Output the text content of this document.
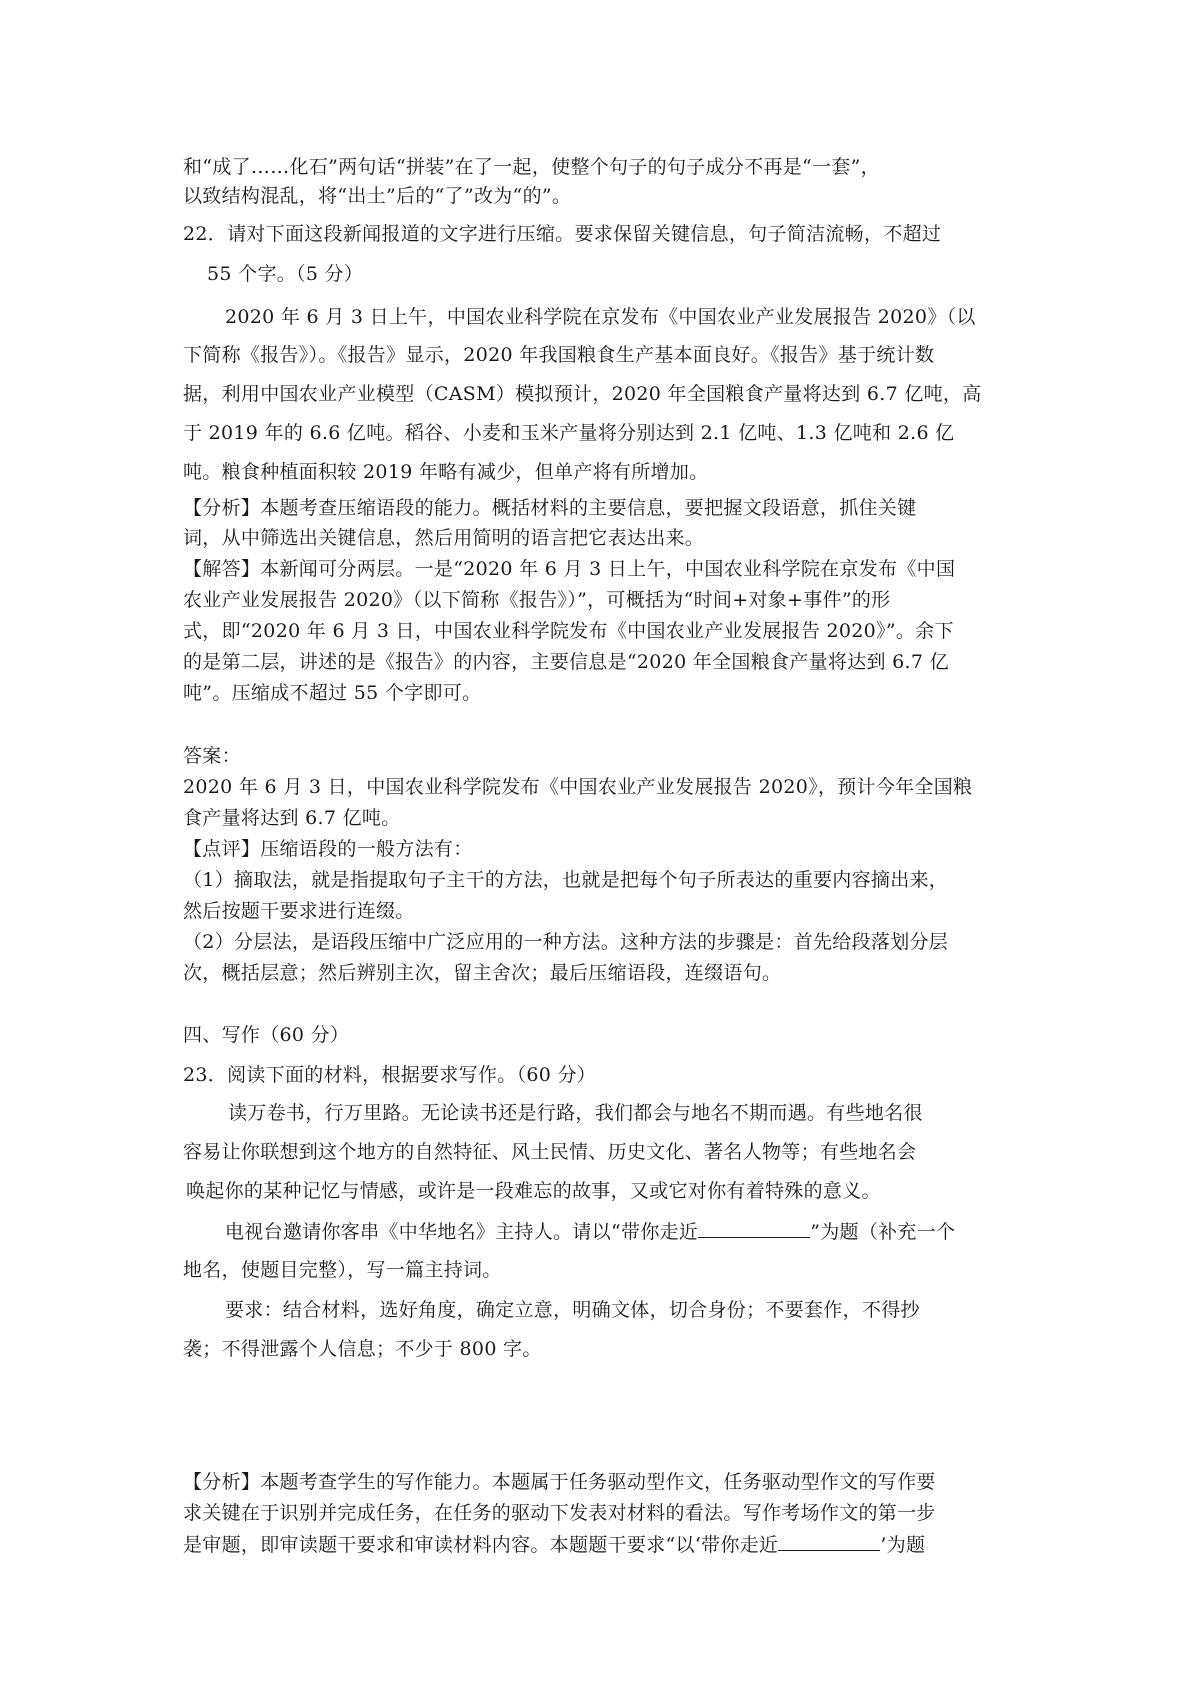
和“成了……化石”两句话“拼装”在了一起，使整个句子的句子成分不再是“一套”，
以致结构混乱，将“出土”后的“了”改为“的”。
22．请对下面这段新闻报道的文字进行压缩。要求保留关键信息，句子简洁流畅，不超过
55 个字。（5 分）
2020 年 6 月 3 日上午，中国农业科学院在京发布《中国农业产业发展报告 2020》（以
下简称《报告》）。《报告》显示，2020 年我国粮食生产基本面良好。《报告》基于统计数
据，利用中国农业产业模型（CASM）模拟预计，2020 年全国粮食产量将达到 6.7 亿吨，高
于 2019 年的 6.6 亿吨。稻谷、小麦和玉米产量将分别达到 2.1 亿吨、1.3 亿吨和 2.6 亿
吨。粮食种植面积较 2019 年略有减少，但单产将有所增加。
【分析】本题考查压缩语段的能力。概括材料的主要信息，要把握文段语意，抓住关键
词，从中筛选出关键信息，然后用简明的语言把它表达出来。
【解答】本新闻可分两层。一是“2020 年 6 月 3 日上午，中国农业科学院在京发布《中国
农业产业发展报告 2020》（以下简称《报告》）”，可概括为“时间+对象+事件”的形
式，即“2020 年 6 月 3 日，中国农业科学院发布《中国农业产业发展报告 2020》”。余下
的是第二层，讲述的是《报告》的内容，主要信息是“2020 年全国粮食产量将达到 6.7 亿
吨”。压缩成不超过 55 个字即可。
答案：
2020 年 6 月 3 日，中国农业科学院发布《中国农业产业发展报告 2020》，预计今年全国粮
食产量将达到 6.7 亿吨。
【点评】压缩语段的一般方法有：
（1）摘取法，就是指提取句子主干的方法，也就是把每个句子所表达的重要内容摘出来，
然后按题干要求进行连缀。
（2）分层法，是语段压缩中广泛应用的一种方法。这种方法的步骤是：首先给段落划分层
次，概括层意；然后辨别主次，留主舍次；最后压缩语段，连缀语句。
四、写作（60 分）
23．阅读下面的材料，根据要求写作。（60 分）
读万卷书，行万里路。无论读书还是行路，我们都会与地名不期而遇。有些地名很
容易让你联想到这个地方的自然特征、风土民情、历史文化、著名人物等；有些地名会
唤起你的某种记忆与情感，或许是一段难忘的故事，又或它对你有着特殊的意义。
电视台邀请你客串《中华地名》主持人。请以“带你走近	”为题（补充一个
地名，使题目完整），写一篇主持词。
要求：结合材料，选好角度，确定立意，明确文体，切合身份；不要套作，不得抄
袭；不得泄露个人信息；不少于 800 字。
【分析】本题考查学生的写作能力。本题属于任务驱动型作文，任务驱动型作文的写作要
求关键在于识别并完成任务，在任务的驱动下发表对材料的看法。写作考场作文的第一步
是审题，即审读题干要求和审读材料内容。本题题干要求“以‘带你走近	’为题
